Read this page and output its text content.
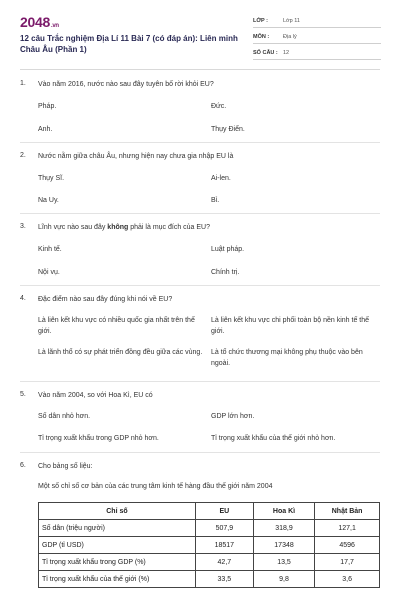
2048.vn
12 câu Trắc nghiệm Địa Lí 11 Bài 7 (có đáp án): Liên minh Châu Âu (Phần 1)
LỚP :	Lớp 11
MÔN :	Địa lý
SỐ CÂU : 12
1. Vào năm 2016, nước nào sau đây tuyên bố rời khỏi EU?
Pháp.	Đức.
Anh.	Thụy Điển.
2. Nước nằm giữa châu Âu, nhưng hiện nay chưa gia nhập EU là
Thụy Sĩ.	Ai-len.
Na Uy.	Bỉ.
3. Lĩnh vực nào sau đây không phải là mục đích của EU?
Kinh tế.	Luật pháp.
Nội vụ.	Chính trị.
4. Đặc điểm nào sau đây đúng khi nói về EU?
Là liên kết khu vực có nhiều quốc gia nhất trên thế giới.
Là liên kết khu vực chi phối toàn bộ nền kinh tế thế giới.
Là lãnh thổ có sự phát triển đồng đều giữa các vùng.	Là tổ chức thương mại không phụ thuộc vào bên ngoài.
5. Vào năm 2004, so với Hoa Kì, EU có
Số dân nhỏ hơn.	GDP lớn hơn.
Tỉ trọng xuất khẩu trong GDP nhỏ hơn.	Tỉ trọng xuất khẩu của thế giới nhỏ hơn.
6. Cho bảng số liệu:
Một số chỉ số cơ bản của các trung tâm kinh tế hàng đầu thế giới năm 2004
Chỉ số	EU	Hoa Kì	Nhật Bản
Số dân (triệu người)	507,9	318,9	127,1
GDP (tỉ USD)	18517	17348	4596
Tỉ trọng xuất khẩu trong GDP (%)	42,7	13,5	17,7
Tỉ trọng xuất khẩu của thế giới (%)	33,5	9,8	3,6
